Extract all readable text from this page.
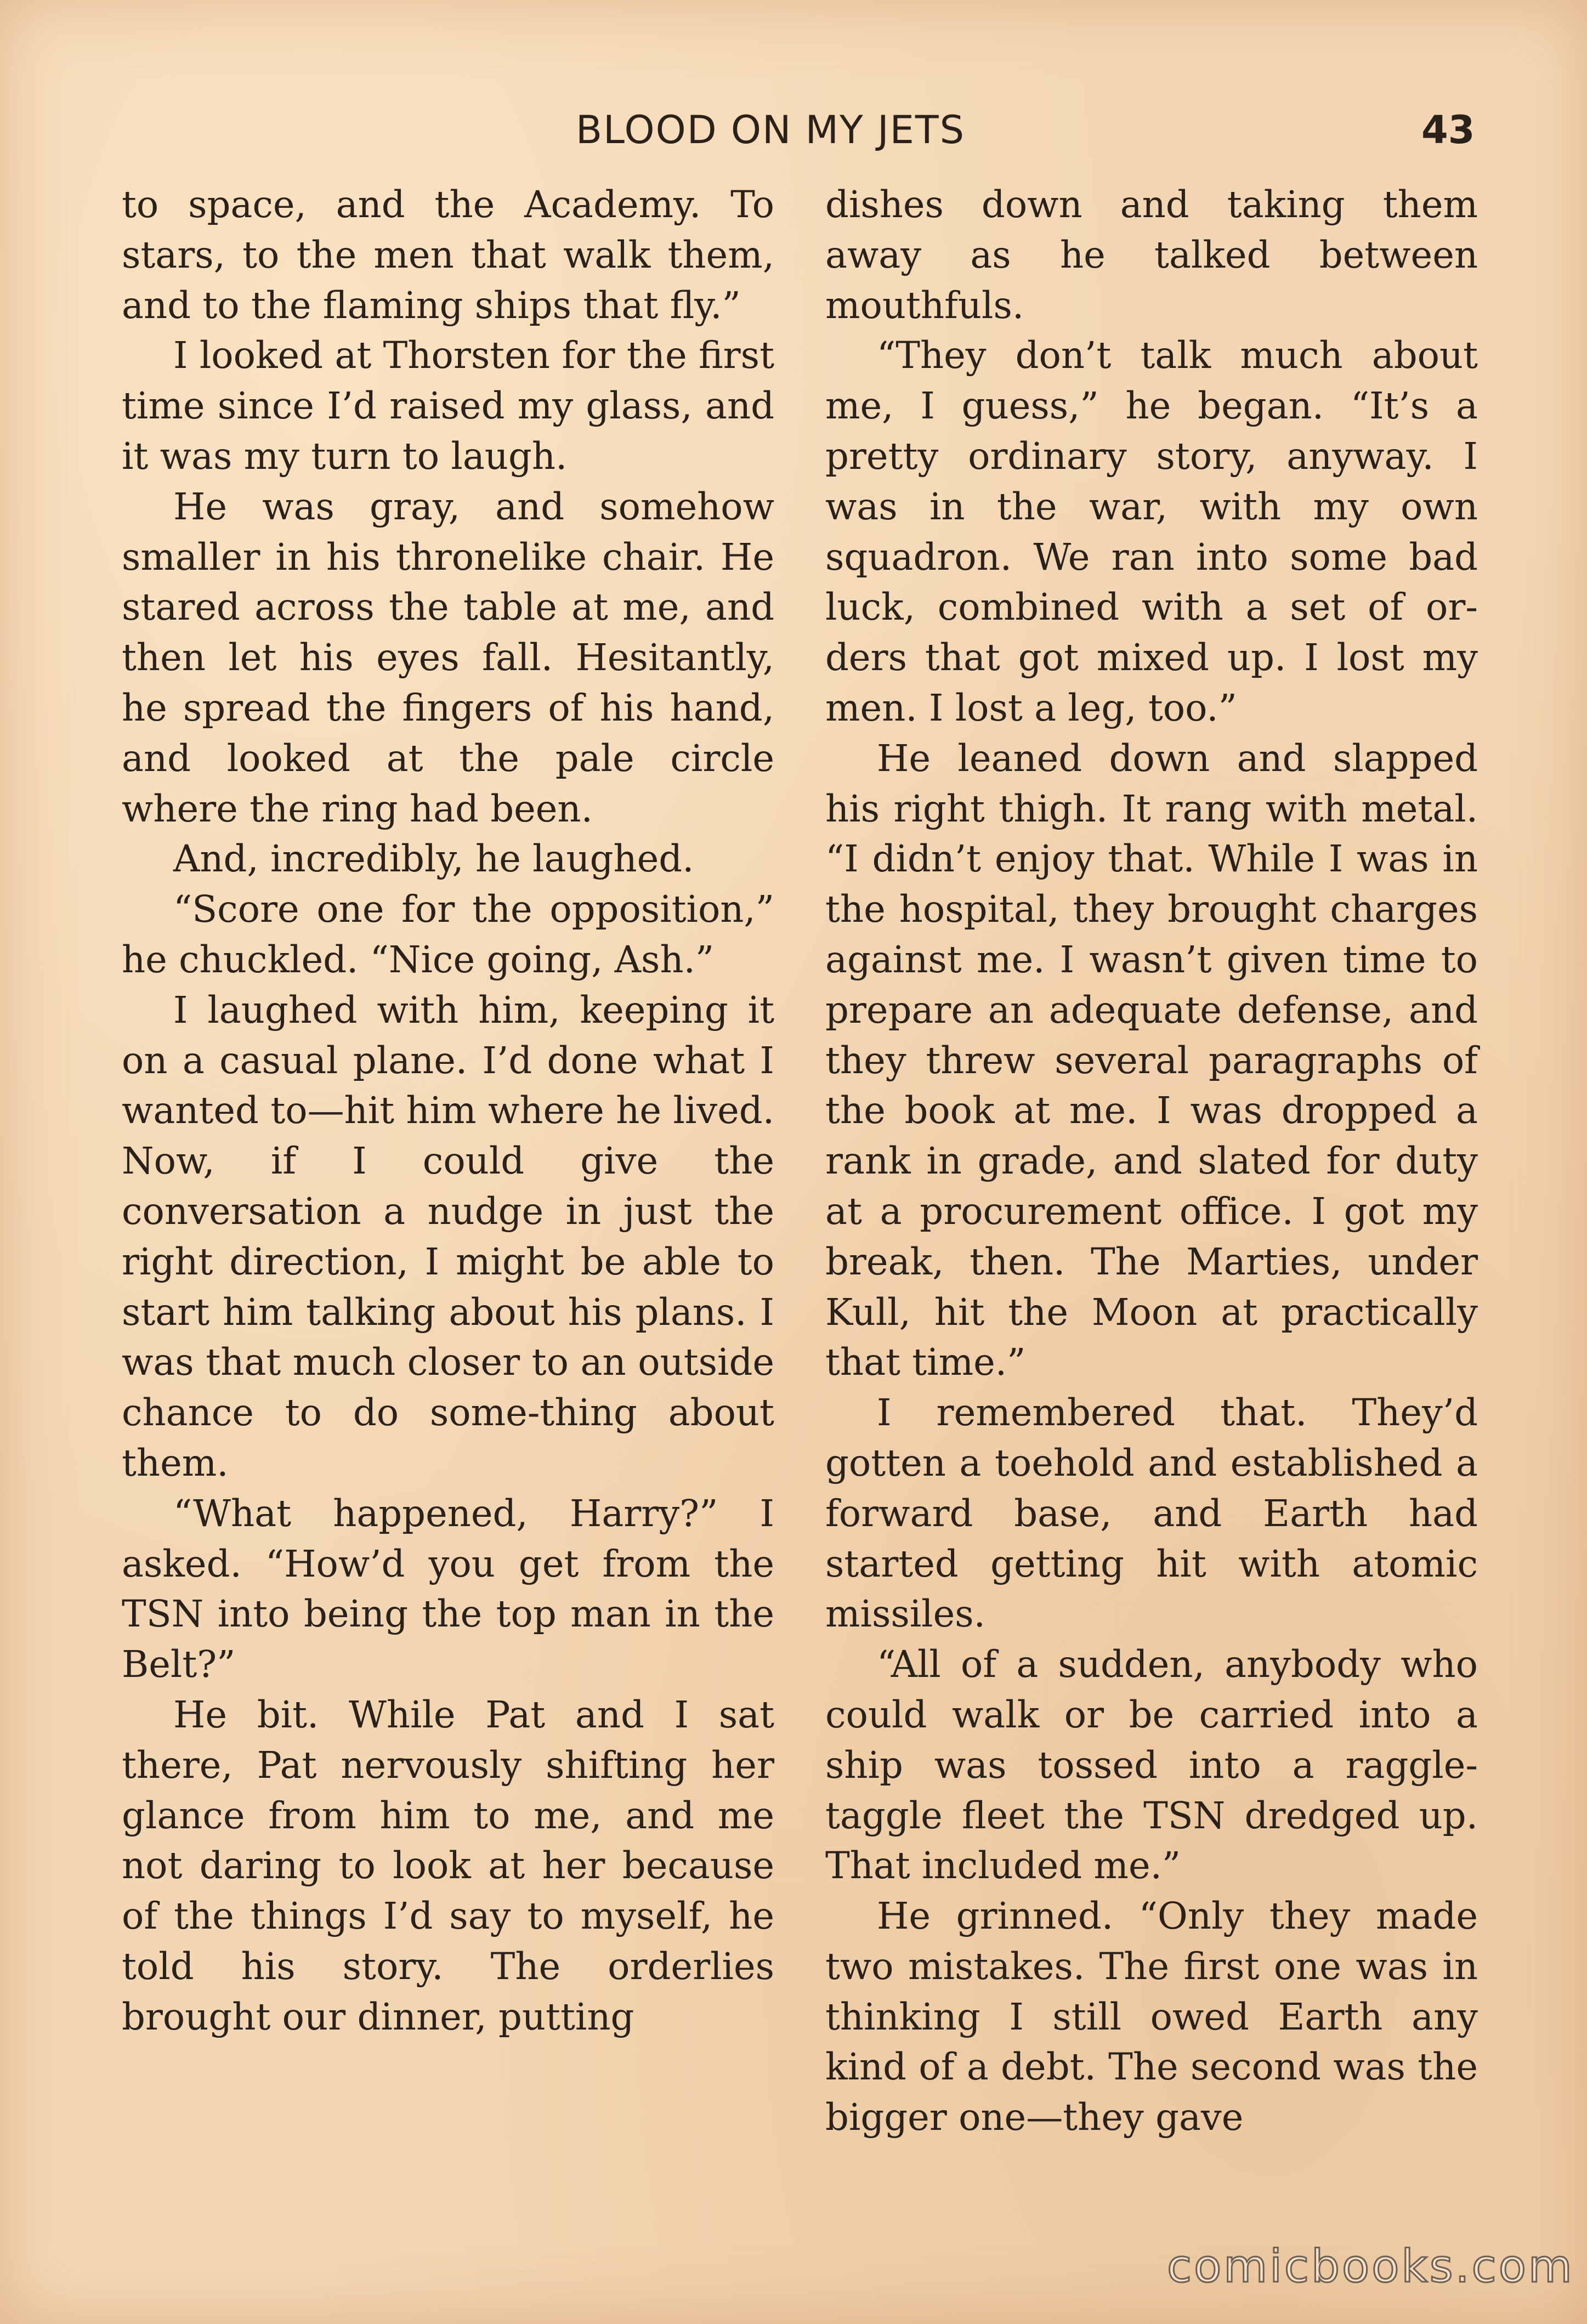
BLOOD ON MY JETS	43

to space, and the Academy. To stars, to the men that walk them, and to the flaming ships that fly.”

I looked at Thorsten for the first time since I’d raised my glass, and it was my turn to laugh.

He was gray, and somehow smaller in his thronelike chair. He stared across the table at me, and then let his eyes fall. Hesitantly, he spread the fingers of his hand, and looked at the pale circle where the ring had been.

And, incredibly, he laughed.

“Score one for the opposition,” he chuckled. “Nice going, Ash.”

I laughed with him, keeping it on a casual plane. I’d done what I wanted to—hit him where he lived. Now, if I could give the conversation a nudge in just the right direction, I might be able to start him talking about his plans. I was that much closer to an outside chance to do some-thing about them.

“What happened, Harry?” I asked. “How’d you get from the TSN into being the top man in the Belt?”

He bit. While Pat and I sat there, Pat nervously shifting her glance from him to me, and me not daring to look at her because of the things I’d say to myself, he told his story. The orderlies brought our dinner, putting

dishes down and taking them away as he talked between mouthfuls.

“They don’t talk much about me, I guess,” he began. “It’s a pretty ordinary story, anyway. I was in the war, with my own squadron. We ran into some bad luck, combined with a set of or-ders that got mixed up. I lost my men. I lost a leg, too.”

He leaned down and slapped his right thigh. It rang with metal. “I didn’t enjoy that. While I was in the hospital, they brought charges against me. I wasn’t given time to prepare an adequate defense, and they threw several paragraphs of the book at me. I was dropped a rank in grade, and slated for duty at a procurement office. I got my break, then. The Marties, under Kull, hit the Moon at practically that time.”

I remembered that. They’d gotten a toehold and established a forward base, and Earth had started getting hit with atomic missiles.

“All of a sudden, anybody who could walk or be carried into a ship was tossed into a raggle-taggle fleet the TSN dredged up. That included me.”

He grinned. “Only they made two mistakes. The first one was in thinking I still owed Earth any kind of a debt. The second was the bigger one—they gave

comicbooks.com
